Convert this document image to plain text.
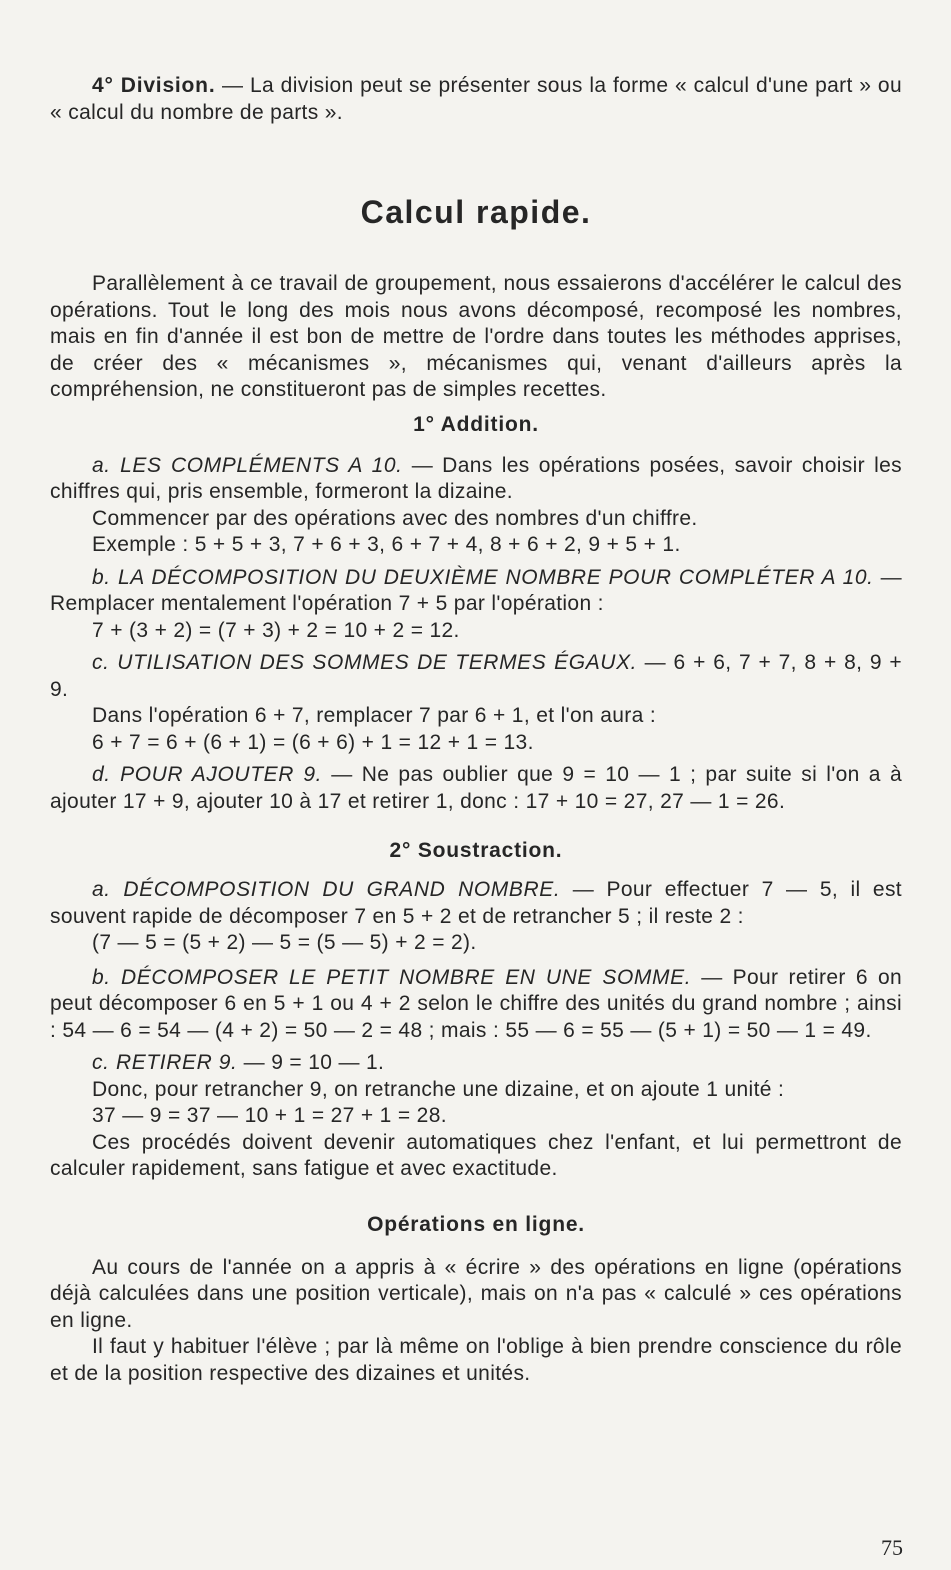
4° Division. — La division peut se présenter sous la forme « calcul d'une part » ou « calcul du nombre de parts ».

Calcul rapide.

Parallèlement à ce travail de groupement, nous essaierons d'accélérer le calcul des opérations. Tout le long des mois nous avons décomposé, recomposé les nombres, mais en fin d'année il est bon de mettre de l'ordre dans toutes les méthodes apprises, de créer des « mécanismes », mécanismes qui, venant d'ailleurs après la compréhension, ne constitueront pas de simples recettes.

1° Addition.

a. LES COMPLÉMENTS A 10. — Dans les opérations posées, savoir choisir les chiffres qui, pris ensemble, formeront la dizaine.

Commencer par des opérations avec des nombres d'un chiffre.

Exemple : 5 + 5 + 3, 7 + 6 + 3, 6 + 7 + 4, 8 + 6 + 2, 9 + 5 + 1.

b. LA DÉCOMPOSITION DU DEUXIÈME NOMBRE POUR COMPLÉTER A 10. — Remplacer mentalement l'opération 7 + 5 par l'opération :

7 + (3 + 2) = (7 + 3) + 2 = 10 + 2 = 12.

c. UTILISATION DES SOMMES DE TERMES ÉGAUX. — 6 + 6, 7 + 7, 8 + 8, 9 + 9.

Dans l'opération 6 + 7, remplacer 7 par 6 + 1, et l'on aura :

6 + 7 = 6 + (6 + 1) = (6 + 6) + 1 = 12 + 1 = 13.

d. POUR AJOUTER 9. — Ne pas oublier que 9 = 10 — 1 ; par suite si l'on a à ajouter 17 + 9, ajouter 10 à 17 et retirer 1, donc : 17 + 10 = 27, 27 — 1 = 26.

2° Soustraction.

a. DÉCOMPOSITION DU GRAND NOMBRE. — Pour effectuer 7 — 5, il est souvent rapide de décomposer 7 en 5 + 2 et de retrancher 5 ; il reste 2 :

(7 — 5 = (5 + 2) — 5 = (5 — 5) + 2 = 2).

b. DÉCOMPOSER LE PETIT NOMBRE EN UNE SOMME. — Pour retirer 6 on peut décomposer 6 en 5 + 1 ou 4 + 2 selon le chiffre des unités du grand nombre ; ainsi : 54 — 6 = 54 — (4 + 2) = 50 — 2 = 48 ; mais : 55 — 6 = 55 — (5 + 1) = 50 — 1 = 49.

c. RETIRER 9. — 9 = 10 — 1.

Donc, pour retrancher 9, on retranche une dizaine, et on ajoute 1 unité :

37 — 9 = 37 — 10 + 1 = 27 + 1 = 28.

Ces procédés doivent devenir automatiques chez l'enfant, et lui permettront de calculer rapidement, sans fatigue et avec exactitude.

Opérations en ligne.

Au cours de l'année on a appris à « écrire » des opérations en ligne (opérations déjà calculées dans une position verticale), mais on n'a pas « calculé » ces opérations en ligne.

Il faut y habituer l'élève ; par là même on l'oblige à bien prendre conscience du rôle et de la position respective des dizaines et unités.

75
